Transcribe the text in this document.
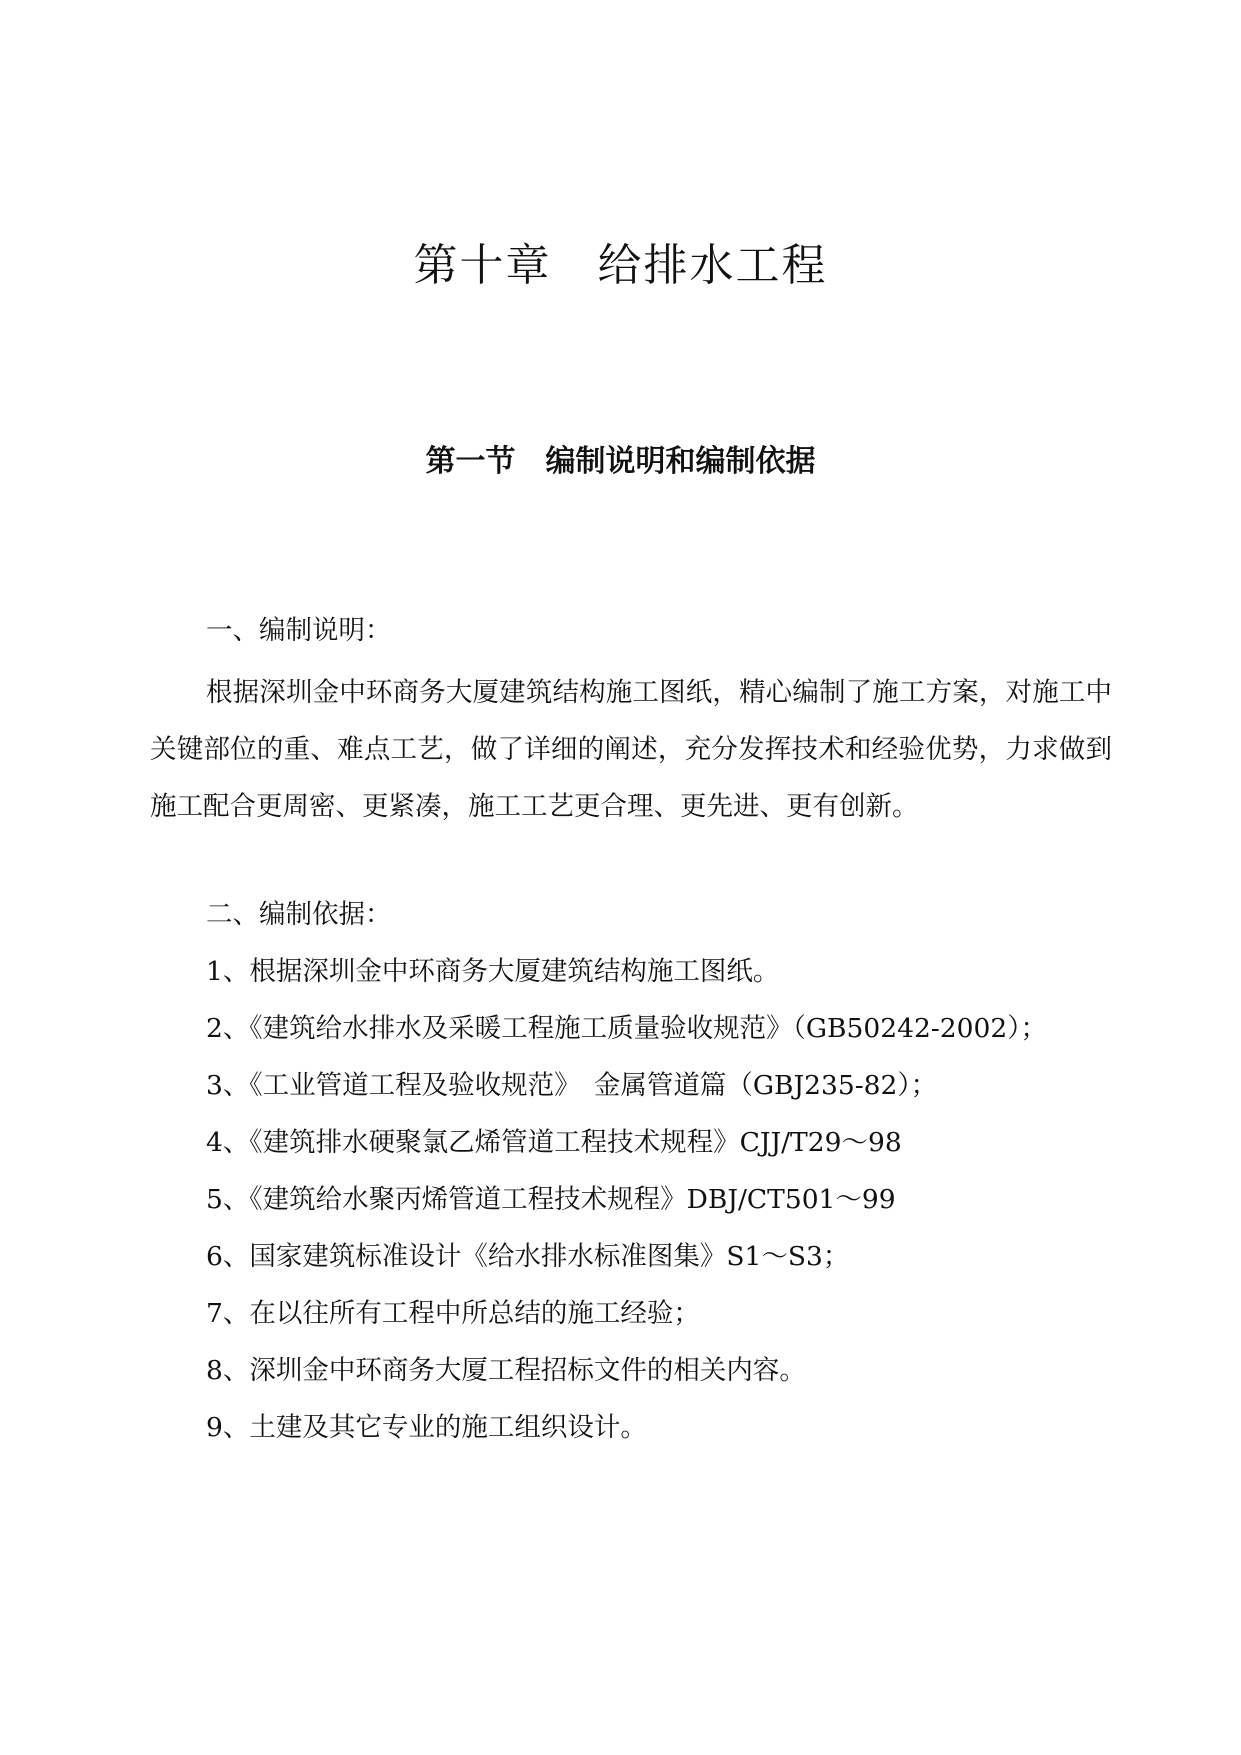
第十章　给排水工程
第一节　编制说明和编制依据
一、编制说明：
根据深圳金中环商务大厦建筑结构施工图纸，精心编制了施工方案，对施工中关键部位的重、难点工艺，做了详细的阐述，充分发挥技术和经验优势，力求做到施工配合更周密、更紧凑，施工工艺更合理、更先进、更有创新。
二、编制依据：
1、根据深圳金中环商务大厦建筑结构施工图纸。
2、《建筑给水排水及采暖工程施工质量验收规范》（GB50242-2002）；
3、《工业管道工程及验收规范》　金属管道篇（GBJ235-82）；
4、《建筑排水硬聚氯乙烯管道工程技术规程》CJJ/T29～98
5、《建筑给水聚丙烯管道工程技术规程》DBJ/CT501～99
6、国家建筑标准设计《给水排水标准图集》S1～S3；
7、在以往所有工程中所总结的施工经验；
8、深圳金中环商务大厦工程招标文件的相关内容。
9、土建及其它专业的施工组织设计。
